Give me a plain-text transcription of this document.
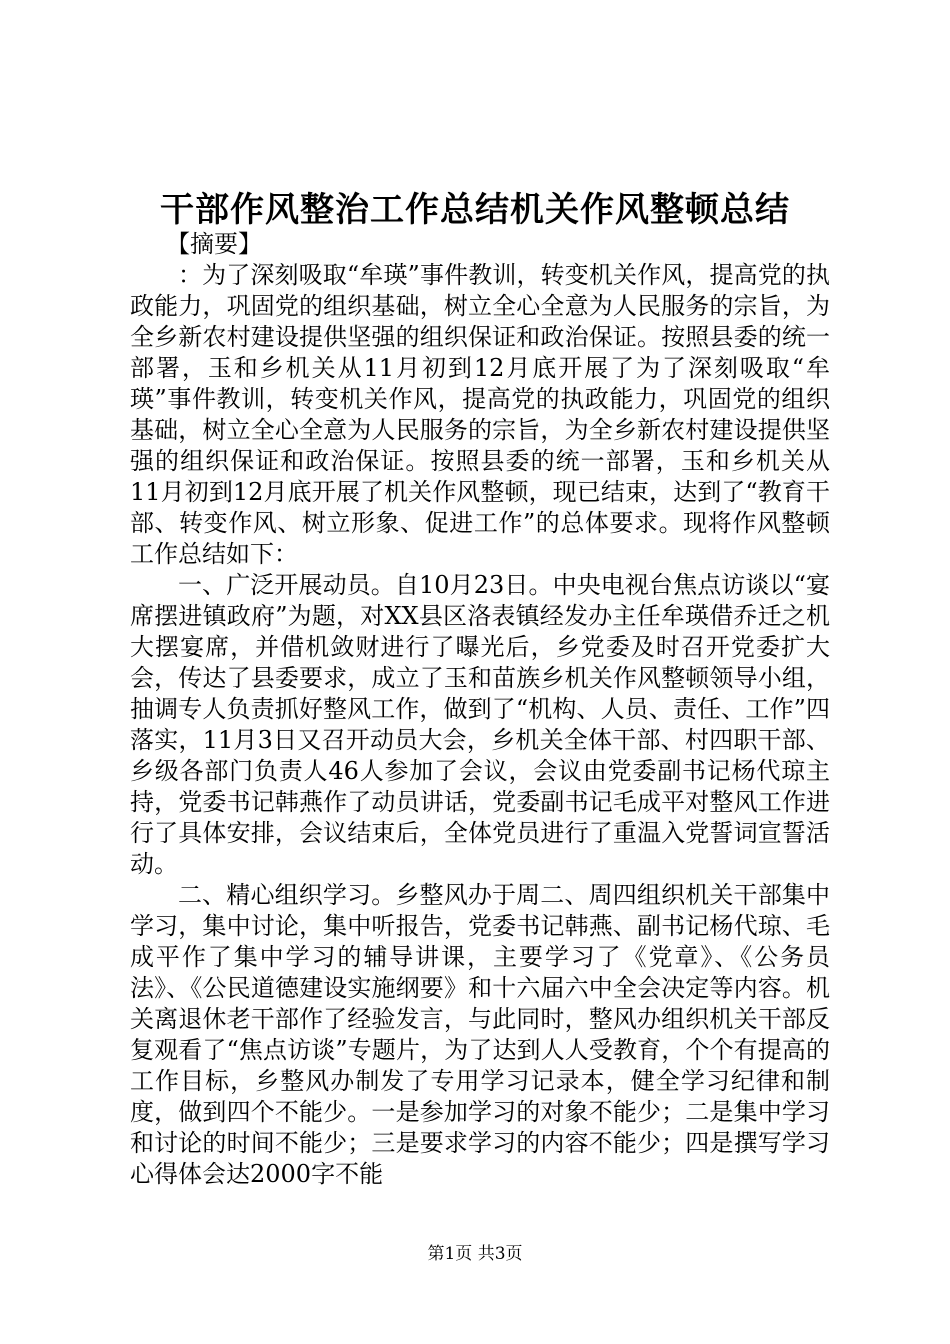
干部作风整治工作总结机关作风整顿总结

【摘要】

：为了深刻吸取“牟瑛”事件教训，转变机关作风，提高党的执政能力，巩固党的组织基础，树立全心全意为人民服务的宗旨，为全乡新农村建设提供坚强的组织保证和政治保证。按照县委的统一部署，玉和乡机关从11月初到12月底开展了为了深刻吸取“牟瑛”事件教训，转变机关作风，提高党的执政能力，巩固党的组织基础，树立全心全意为人民服务的宗旨，为全乡新农村建设提供坚强的组织保证和政治保证。按照县委的统一部署，玉和乡机关从11月初到12月底开展了机关作风整顿，现已结束，达到了“教育干部、转变作风、树立形象、促进工作”的总体要求。现将作风整顿工作总结如下：

一、广泛开展动员。自10月23日。中央电视台焦点访谈以“宴席摆进镇政府”为题，对XX县区洛表镇经发办主任牟瑛借乔迁之机大摆宴席，并借机敛财进行了曝光后，乡党委及时召开党委扩大会，传达了县委要求，成立了玉和苗族乡机关作风整顿领导小组，抽调专人负责抓好整风工作，做到了“机构、人员、责任、工作”四落实，11月3日又召开动员大会，乡机关全体干部、村四职干部、乡级各部门负责人46人参加了会议，会议由党委副书记杨代琼主持，党委书记韩燕作了动员讲话，党委副书记毛成平对整风工作进行了具体安排，会议结束后，全体党员进行了重温入党誓词宣誓活动。

二、精心组织学习。乡整风办于周二、周四组织机关干部集中学习，集中讨论，集中听报告，党委书记韩燕、副书记杨代琼、毛成平作了集中学习的辅导讲课，主要学习了《党章》、《公务员法》、《公民道德建设实施纲要》和十六届六中全会决定等内容。机关离退休老干部作了经验发言，与此同时，整风办组织机关干部反复观看了“焦点访谈”专题片，为了达到人人受教育，个个有提高的工作目标，乡整风办制发了专用学习记录本，健全学习纪律和制度，做到四个不能少。一是参加学习的对象不能少；二是集中学习和讨论的时间不能少；三是要求学习的内容不能少；四是撰写学习心得体会达2000字不能

第1页 共3页
